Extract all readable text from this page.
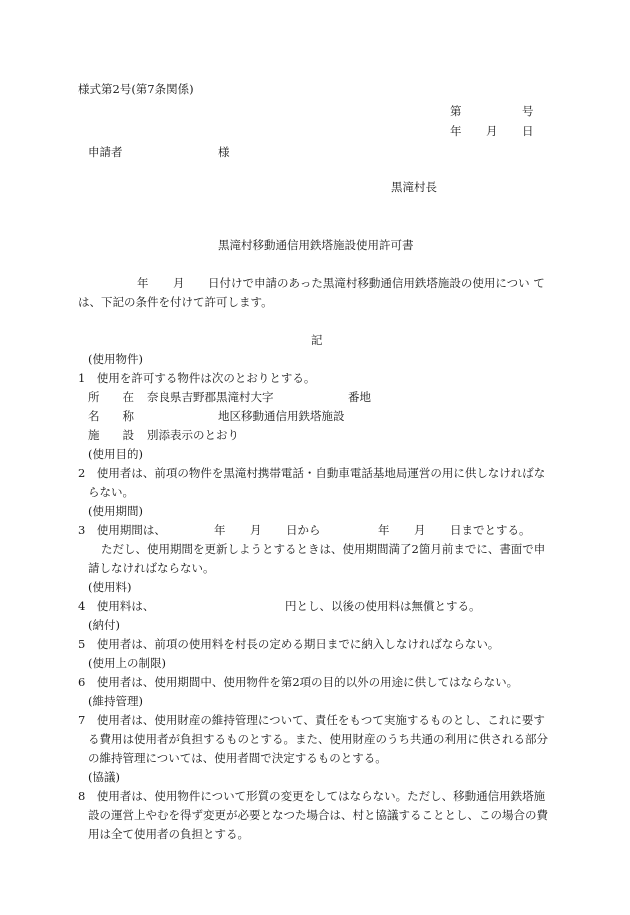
様式第2号(第7条関係)

第	号

年 月 日

申請者	様

黒滝村長

黒滝村移動通信用鉄塔施設使用許可書

年 月 日付けで申請のあった黒滝村移動通信用鉄塔施設の使用につい て

は、下記の条件を付けて許可します。

記

(使用物件)

1　使用を許可する物件は次のとおりとする。

所　　在 奈良県吉野郡黒滝村大字	番地

名　　称	地区移動通信用鉄塔施設

施　　設 別添表示のとおり

(使用目的)

2　使用者は、前項の物件を黒滝村携帯電話・自動車電話基地局運営の用に供しなければな

らない。

(使用期間)

3　使用期間は、	年 月 日から	年 月 日までとする。

ただし、使用期間を更新しようとするときは、使用期間満了2箇月前までに、書面で申

請しなければならない。

(使用料)

4　使用料は、	円とし、以後の使用料は無償とする。

(納付)

5　使用者は、前項の使用料を村長の定める期日までに納入しなければならない。

(使用上の制限)

6　使用者は、使用期間中、使用物件を第2項の目的以外の用途に供してはならない。

(維持管理)

7　使用者は、使用財産の維持管理について、責任をもつて実施するものとし、これに要す

る費用は使用者が負担するものとする。また、使用財産のうち共通の利用に供される部分

の維持管理については、使用者間で決定するものとする。

(協議)

8　使用者は、使用物件について形質の変更をしてはならない。ただし、移動通信用鉄塔施

設の運営上やむを得ず変更が必要となつた場合は、村と協議することとし、この場合の費

用は全て使用者の負担とする。
